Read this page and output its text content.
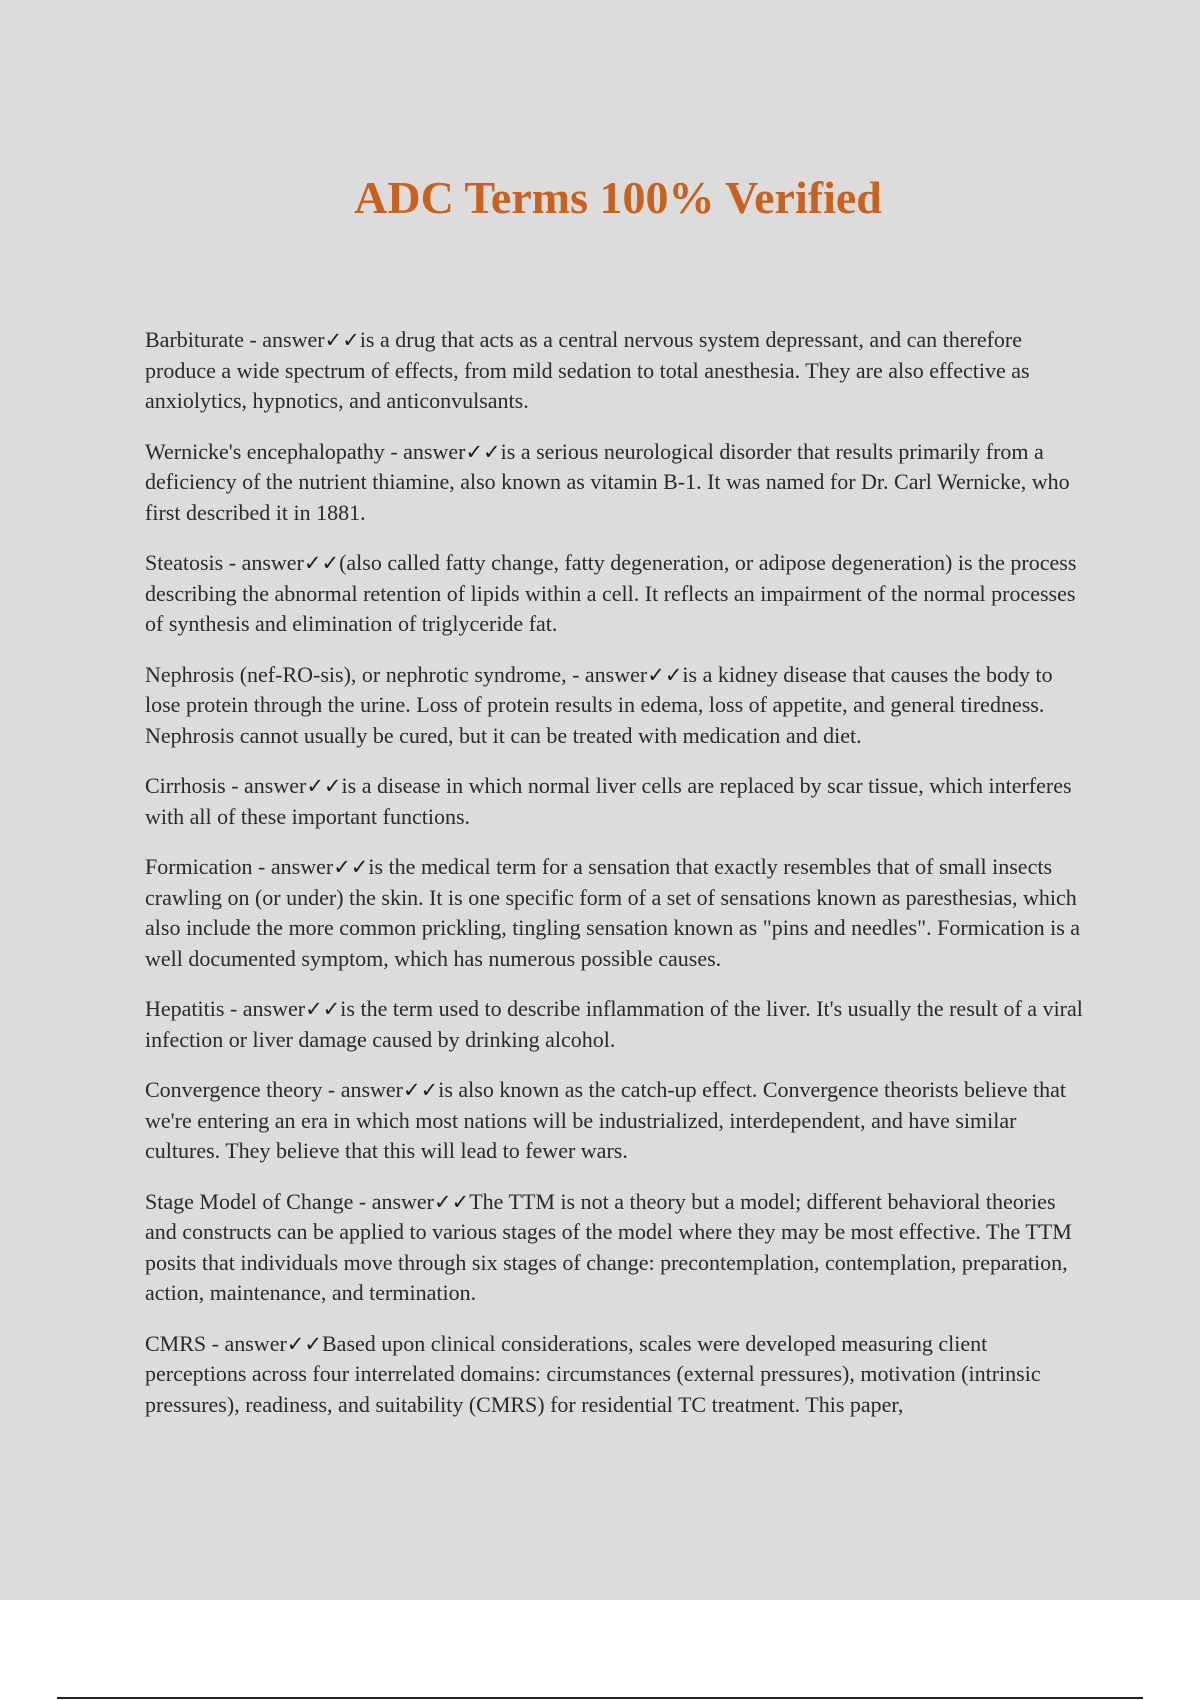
ADC Terms 100% Verified

Barbiturate - answer✓✓is a drug that acts as a central nervous system depressant, and can therefore produce a wide spectrum of effects, from mild sedation to total anesthesia. They are also effective as anxiolytics, hypnotics, and anticonvulsants.

Wernicke's encephalopathy - answer✓✓is a serious neurological disorder that results primarily from a deficiency of the nutrient thiamine, also known as vitamin B-1. It was named for Dr. Carl Wernicke, who first described it in 1881.

Steatosis - answer✓✓(also called fatty change, fatty degeneration, or adipose degeneration) is the process describing the abnormal retention of lipids within a cell. It reflects an impairment of the normal processes of synthesis and elimination of triglyceride fat.

Nephrosis (nef-RO-sis), or nephrotic syndrome, - answer✓✓is a kidney disease that causes the body to lose protein through the urine. Loss of protein results in edema, loss of appetite, and general tiredness. Nephrosis cannot usually be cured, but it can be treated with medication and diet.

Cirrhosis - answer✓✓is a disease in which normal liver cells are replaced by scar tissue, which interferes with all of these important functions.

Formication - answer✓✓is the medical term for a sensation that exactly resembles that of small insects crawling on (or under) the skin. It is one specific form of a set of sensations known as paresthesias, which also include the more common prickling, tingling sensation known as "pins and needles". Formication is a well documented symptom, which has numerous possible causes.

Hepatitis - answer✓✓is the term used to describe inflammation of the liver. It's usually the result of a viral infection or liver damage caused by drinking alcohol.

Convergence theory - answer✓✓is also known as the catch-up effect. Convergence theorists believe that we're entering an era in which most nations will be industrialized, interdependent, and have similar cultures. They believe that this will lead to fewer wars.

Stage Model of Change - answer✓✓The TTM is not a theory but a model; different behavioral theories and constructs can be applied to various stages of the model where they may be most effective. The TTM posits that individuals move through six stages of change: precontemplation, contemplation, preparation, action, maintenance, and termination.

CMRS - answer✓✓Based upon clinical considerations, scales were developed measuring client perceptions across four interrelated domains: circumstances (external pressures), motivation (intrinsic pressures), readiness, and suitability (CMRS) for residential TC treatment. This paper,
